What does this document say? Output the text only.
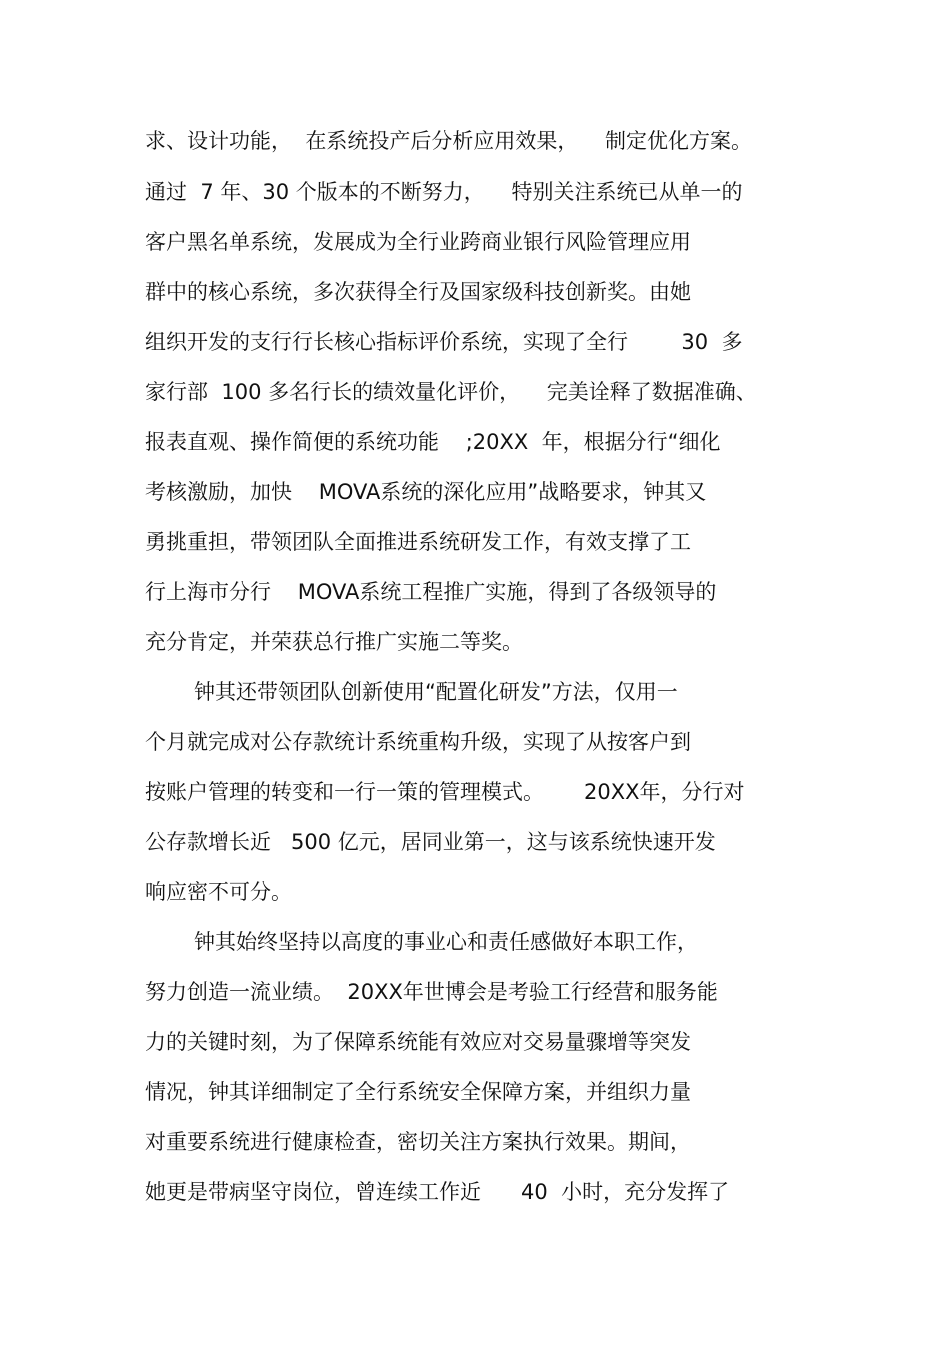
求、设计功能，  在系统投产后分析应用效果，    制定优化方案。

通过  7 年、30 个版本的不断努力，    特别关注系统已从单一的

客户黑名单系统，发展成为全行业跨商业银行风险管理应用

群中的核心系统，多次获得全行及国家级科技创新奖。由她

组织开发的支行行长核心指标评价系统，实现了全行        30  多

家行部  100 多名行长的绩效量化评价，    完美诠释了数据准确、

报表直观、操作简便的系统功能    ;20XX  年，根据分行“细化

考核激励，加快    MOVA系统的深化应用”战略要求，钟其又

勇挑重担，带领团队全面推进系统研发工作，有效支撑了工

行上海市分行    MOVA系统工程推广实施，得到了各级领导的

充分肯定，并荣获总行推广实施二等奖。

钟其还带领团队创新使用“配置化研发”方法，仅用一

个月就完成对公存款统计系统重构升级，实现了从按客户到

按账户管理的转变和一行一策的管理模式。      20XX年，分行对

公存款增长近   500 亿元，居同业第一，这与该系统快速开发

响应密不可分。

钟其始终坚持以高度的事业心和责任感做好本职工作，

努力创造一流业绩。  20XX年世博会是考验工行经营和服务能

力的关键时刻，为了保障系统能有效应对交易量骤增等突发

情况，钟其详细制定了全行系统安全保障方案，并组织力量

对重要系统进行健康检查，密切关注方案执行效果。期间，

她更是带病坚守岗位，曾连续工作近      40  小时，充分发挥了
